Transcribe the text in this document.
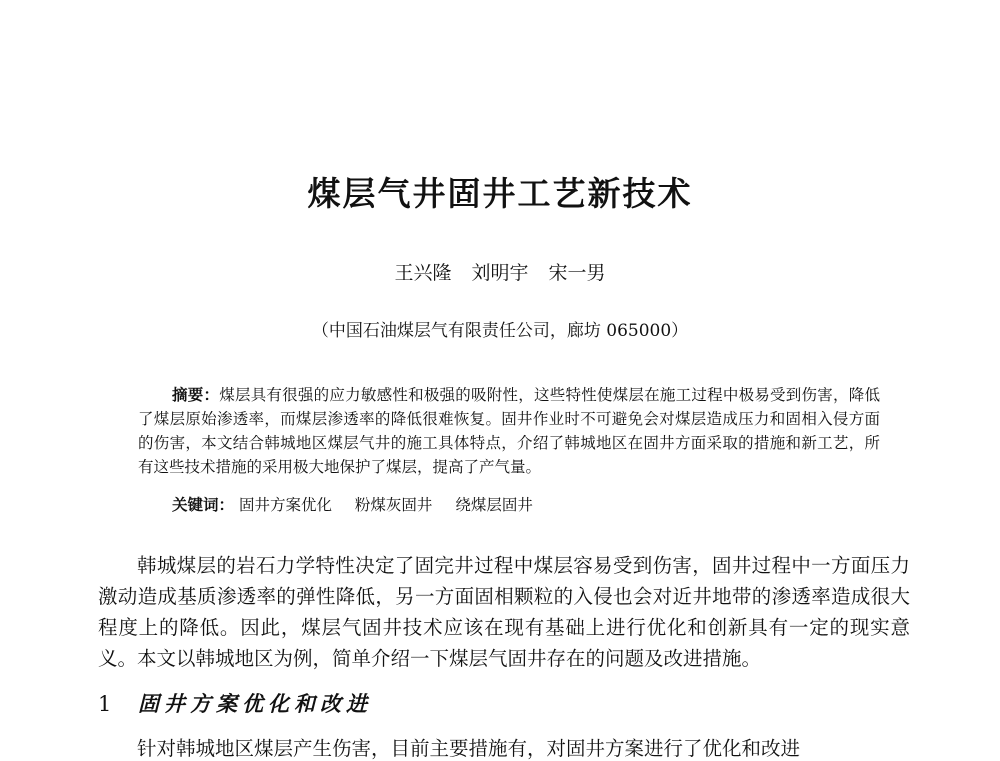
煤层气井固井工艺新技术
王兴隆 刘明宇 宋一男
（中国石油煤层气有限责任公司，廊坊 065000）

摘要：煤层具有很强的应力敏感性和极强的吸附性，这些特性使煤层在施工过程中极易受到伤害，降低了煤层原始渗透率，而煤层渗透率的降低很难恢复。固井作业时不可避免会对煤层造成压力和固相入侵方面的伤害，本文结合韩城地区煤层气井的施工具体特点，介绍了韩城地区在固井方面采取的措施和新工艺，所有这些技术措施的采用极大地保护了煤层，提高了产气量。

关键词： 固井方案优化 粉煤灰固井 绕煤层固井

韩城煤层的岩石力学特性决定了固完井过程中煤层容易受到伤害，固井过程中一方面压力激动造成基质渗透率的弹性降低，另一方面固相颗粒的入侵也会对近井地带的渗透率造成很大程度上的降低。因此，煤层气固井技术应该在现有基础上进行优化和创新具有一定的现实意义。本文以韩城地区为例，简单介绍一下煤层气固井存在的问题及改进措施。

1 固井方案优化和改进
针对韩城地区煤层产生伤害，目前主要措施有，对固井方案进行了优化和改进
